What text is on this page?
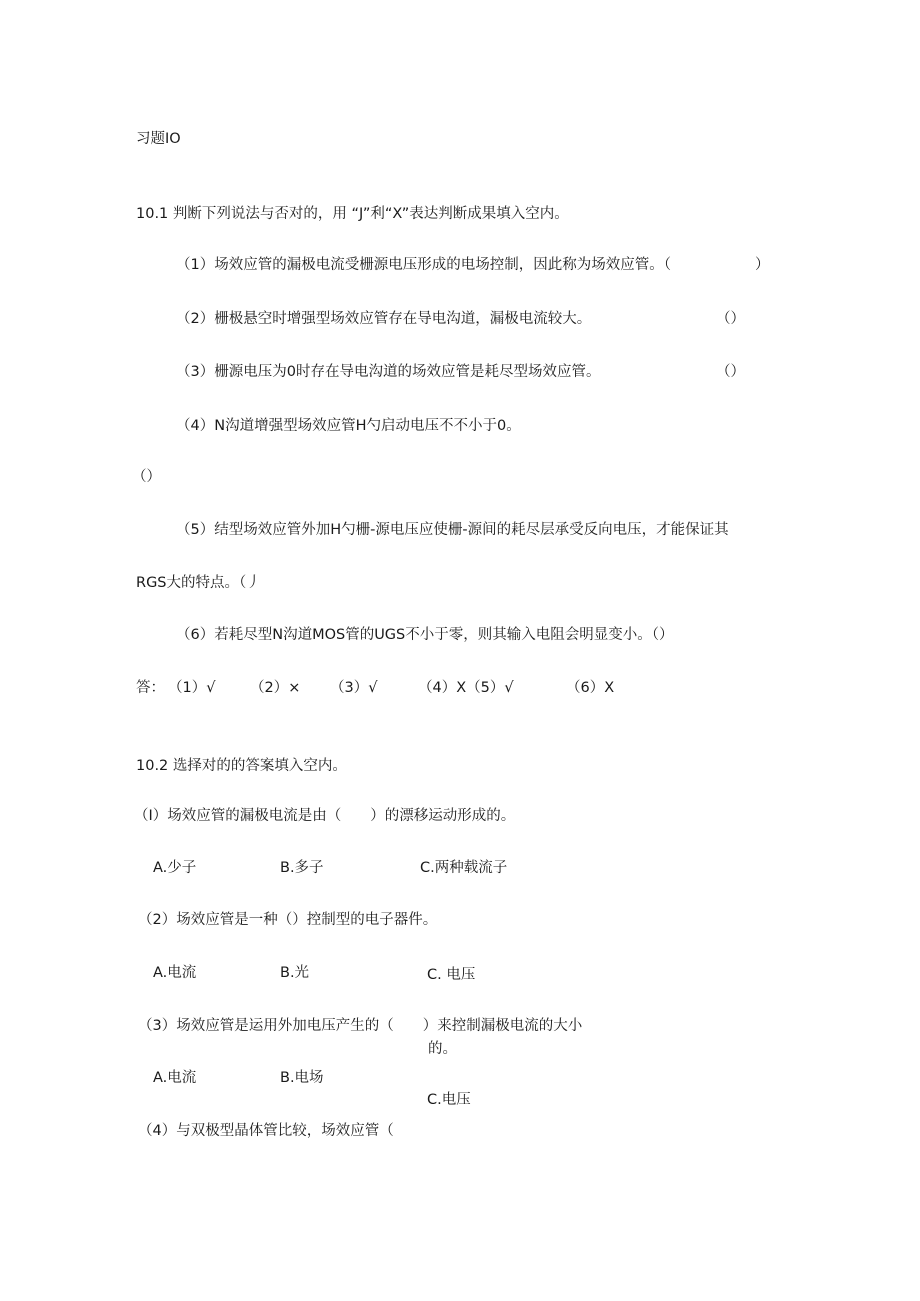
习题IO
10.1 判断下列说法与否对的，用 “J”利“X”表达判断成果填入空内。
（1）场效应管的漏极电流受栅源电压形成的电场控制，因此称为场效应管。（	）
（2）栅极悬空时增强型场效应管存在导电沟道，漏极电流较大。	（）
（3）栅源电压为0时存在导电沟道的场效应管是耗尽型场效应管。	（）
（4）N沟道增强型场效应管H勺启动电压不不小于0。
（）
（5）结型场效应管外加H勺栅-源电压应使栅-源间的耗尽层承受反向电压，才能保证其
RGS大的特点。（丿
（6）若耗尽型N沟道MOS管的UGS不小于零，则其输入电阻会明显变小。（）
答： （1）√ （2）× （3）√	（4）X（5）√	（6）X
10.2 选择对的的答案填入空内。
（I）场效应管的漏极电流是由（　　）的漂移运动形成的。
A.少子	B.多子	C.两种载流子
（2）场效应管是一种（）控制型的电子器件。
A.电流	B.光	C. 电压
（3）场效应管是运用外加电压产生的（　　）来控制漏极电流的大小
的。
A.电流	B.电场
C.电压
（4）与双极型晶体管比较，场效应管（
